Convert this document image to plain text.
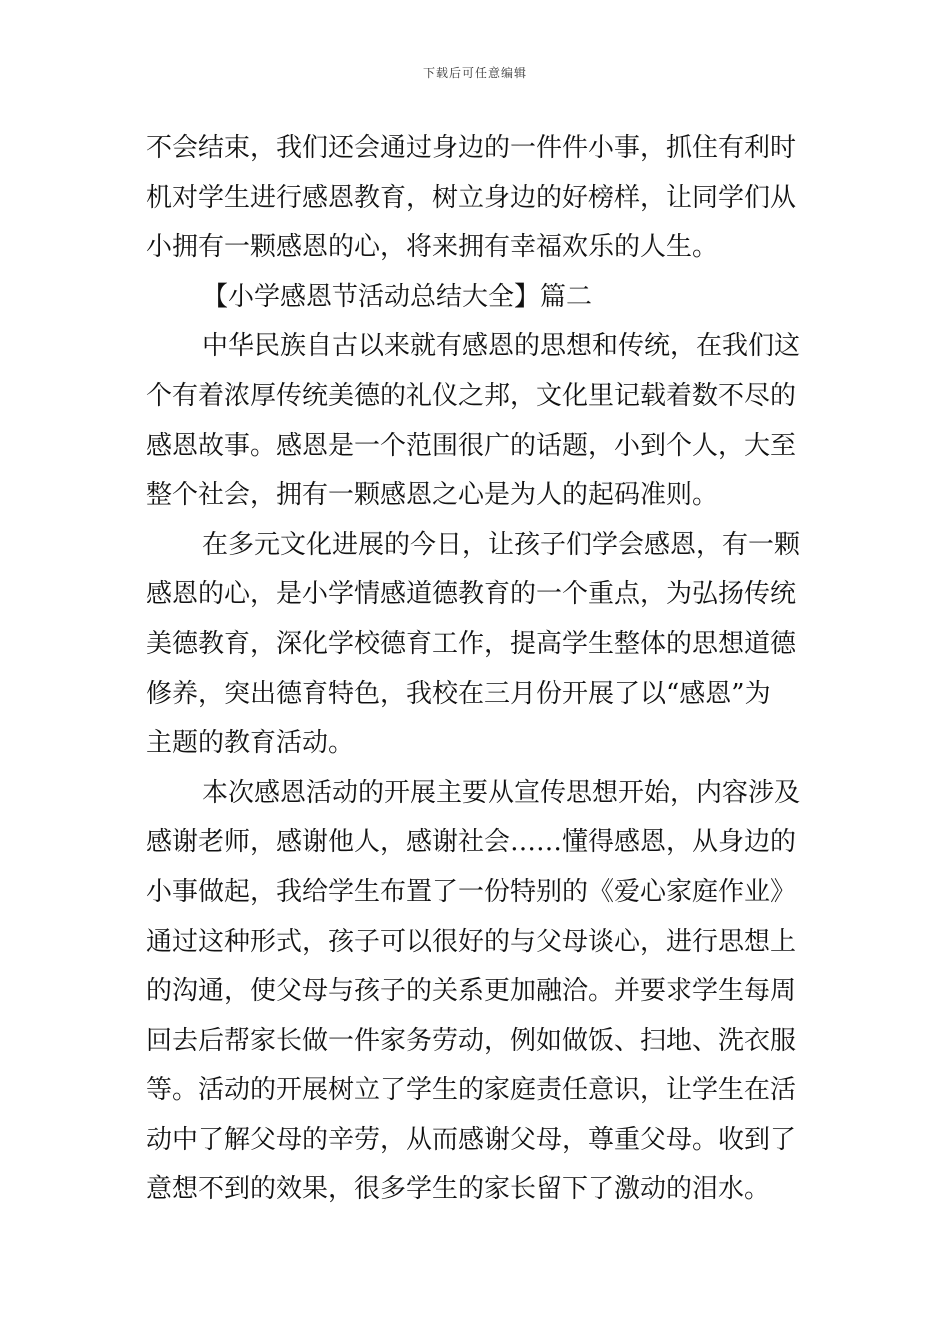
下载后可任意编辑
不会结束，我们还会通过身边的一件件小事，抓住有利时
机对学生进行感恩教育，树立身边的好榜样，让同学们从
小拥有一颗感恩的心，将来拥有幸福欢乐的人生。
【小学感恩节活动总结大全】篇二
中华民族自古以来就有感恩的思想和传统，在我们这
个有着浓厚传统美德的礼仪之邦，文化里记载着数不尽的
感恩故事。感恩是一个范围很广的话题，小到个人，大至
整个社会，拥有一颗感恩之心是为人的起码准则。
在多元文化进展的今日，让孩子们学会感恩，有一颗
感恩的心，是小学情感道德教育的一个重点，为弘扬传统
美德教育，深化学校德育工作，提高学生整体的思想道德
修养，突出德育特色，我校在三月份开展了以“感恩”为
主题的教育活动。
本次感恩活动的开展主要从宣传思想开始，内容涉及
感谢老师，感谢他人，感谢社会……懂得感恩，从身边的
小事做起，我给学生布置了一份特别的《爱心家庭作业》
通过这种形式，孩子可以很好的与父母谈心，进行思想上
的沟通，使父母与孩子的关系更加融洽。并要求学生每周
回去后帮家长做一件家务劳动，例如做饭、扫地、洗衣服
等。活动的开展树立了学生的家庭责任意识，让学生在活
动中了解父母的辛劳，从而感谢父母，尊重父母。收到了
意想不到的效果，很多学生的家长留下了激动的泪水。
